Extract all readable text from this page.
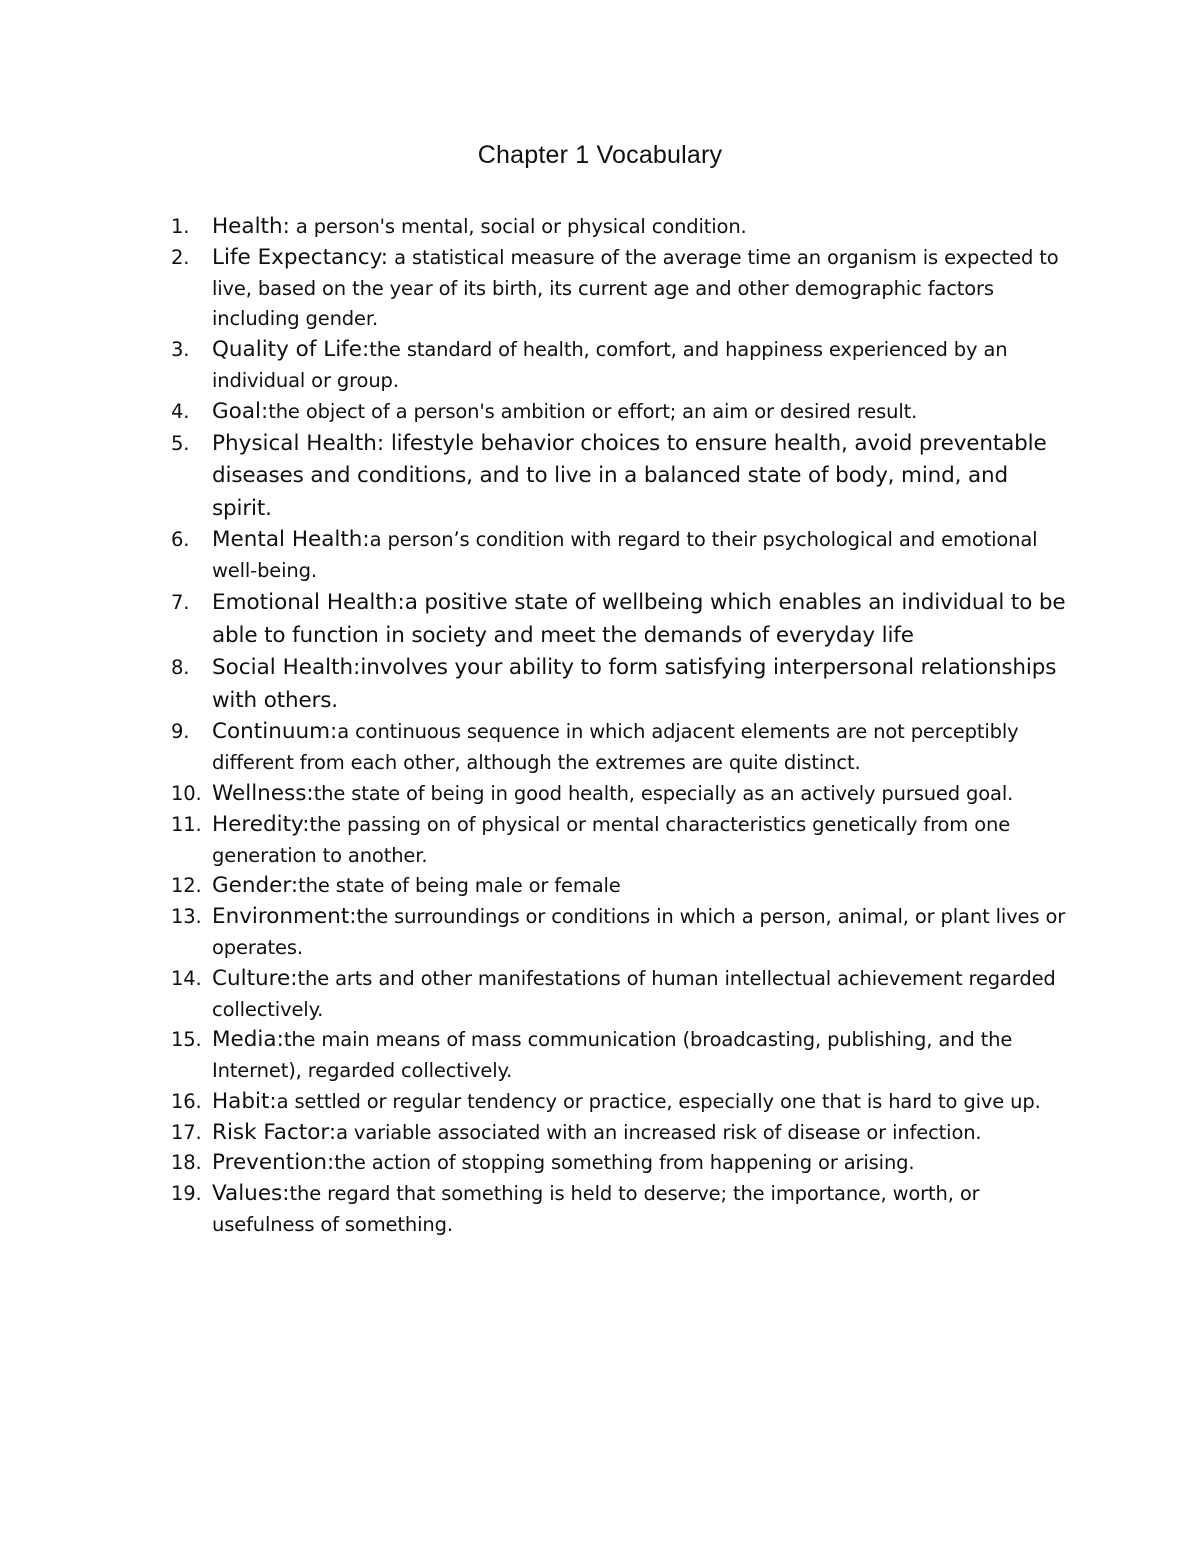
Chapter 1 Vocabulary
1.	Health: a person's mental, social or physical condition.
2.	Life Expectancy: a statistical measure of the average time an organism is expected to live, based on the year of its birth, its current age and other demographic factors including gender.
3.	Quality of Life:the standard of health, comfort, and happiness experienced by an individual or group.
4.	Goal:the object of a person's ambition or effort; an aim or desired result.
5.	Physical Health: lifestyle behavior choices to ensure health, avoid preventable diseases and conditions, and to live in a balanced state of body, mind, and spirit.
6.	Mental Health:a person’s condition with regard to their psychological and emotional well-being.
7.	Emotional Health:a positive state of wellbeing which enables an individual to be able to function in society and meet the demands of everyday life
8.	Social Health:involves your ability to form satisfying interpersonal relationships with others.
9.	Continuum:a continuous sequence in which adjacent elements are not perceptibly different from each other, although the extremes are quite distinct.
10. Wellness:the state of being in good health, especially as an actively pursued goal.
11. Heredity:the passing on of physical or mental characteristics genetically from one generation to another.
12. Gender:the state of being male or female
13. Environment:the surroundings or conditions in which a person, animal, or plant lives or operates.
14. Culture:the arts and other manifestations of human intellectual achievement regarded collectively.
15. Media:the main means of mass communication (broadcasting, publishing, and the Internet), regarded collectively.
16. Habit:a settled or regular tendency or practice, especially one that is hard to give up.
17. Risk Factor:a variable associated with an increased risk of disease or infection.
18. Prevention:the action of stopping something from happening or arising.
19. Values:the regard that something is held to deserve; the importance, worth, or usefulness of something.
